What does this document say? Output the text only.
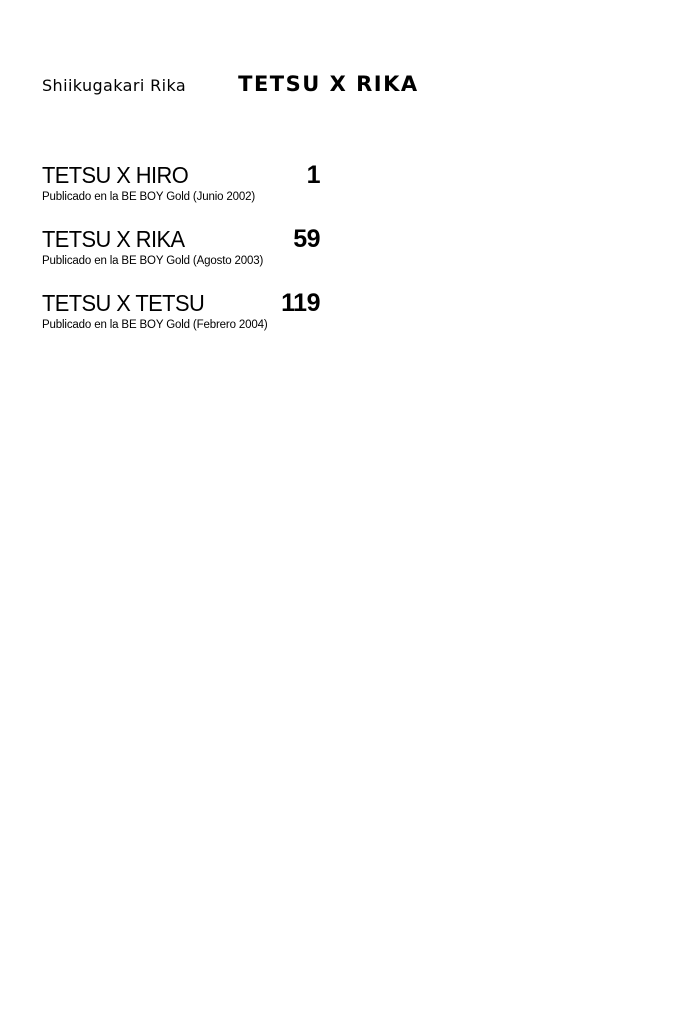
Shiikugakari Rika TETSU X RIKA
TETSU X HIRO	1
Publicado en la BE BOY Gold (Junio 2002)
TETSU X RIKA	59
Publicado en la BE BOY Gold (Agosto 2003)
TETSU X TETSU	119
Publicado en la BE BOY Gold (Febrero 2004)
